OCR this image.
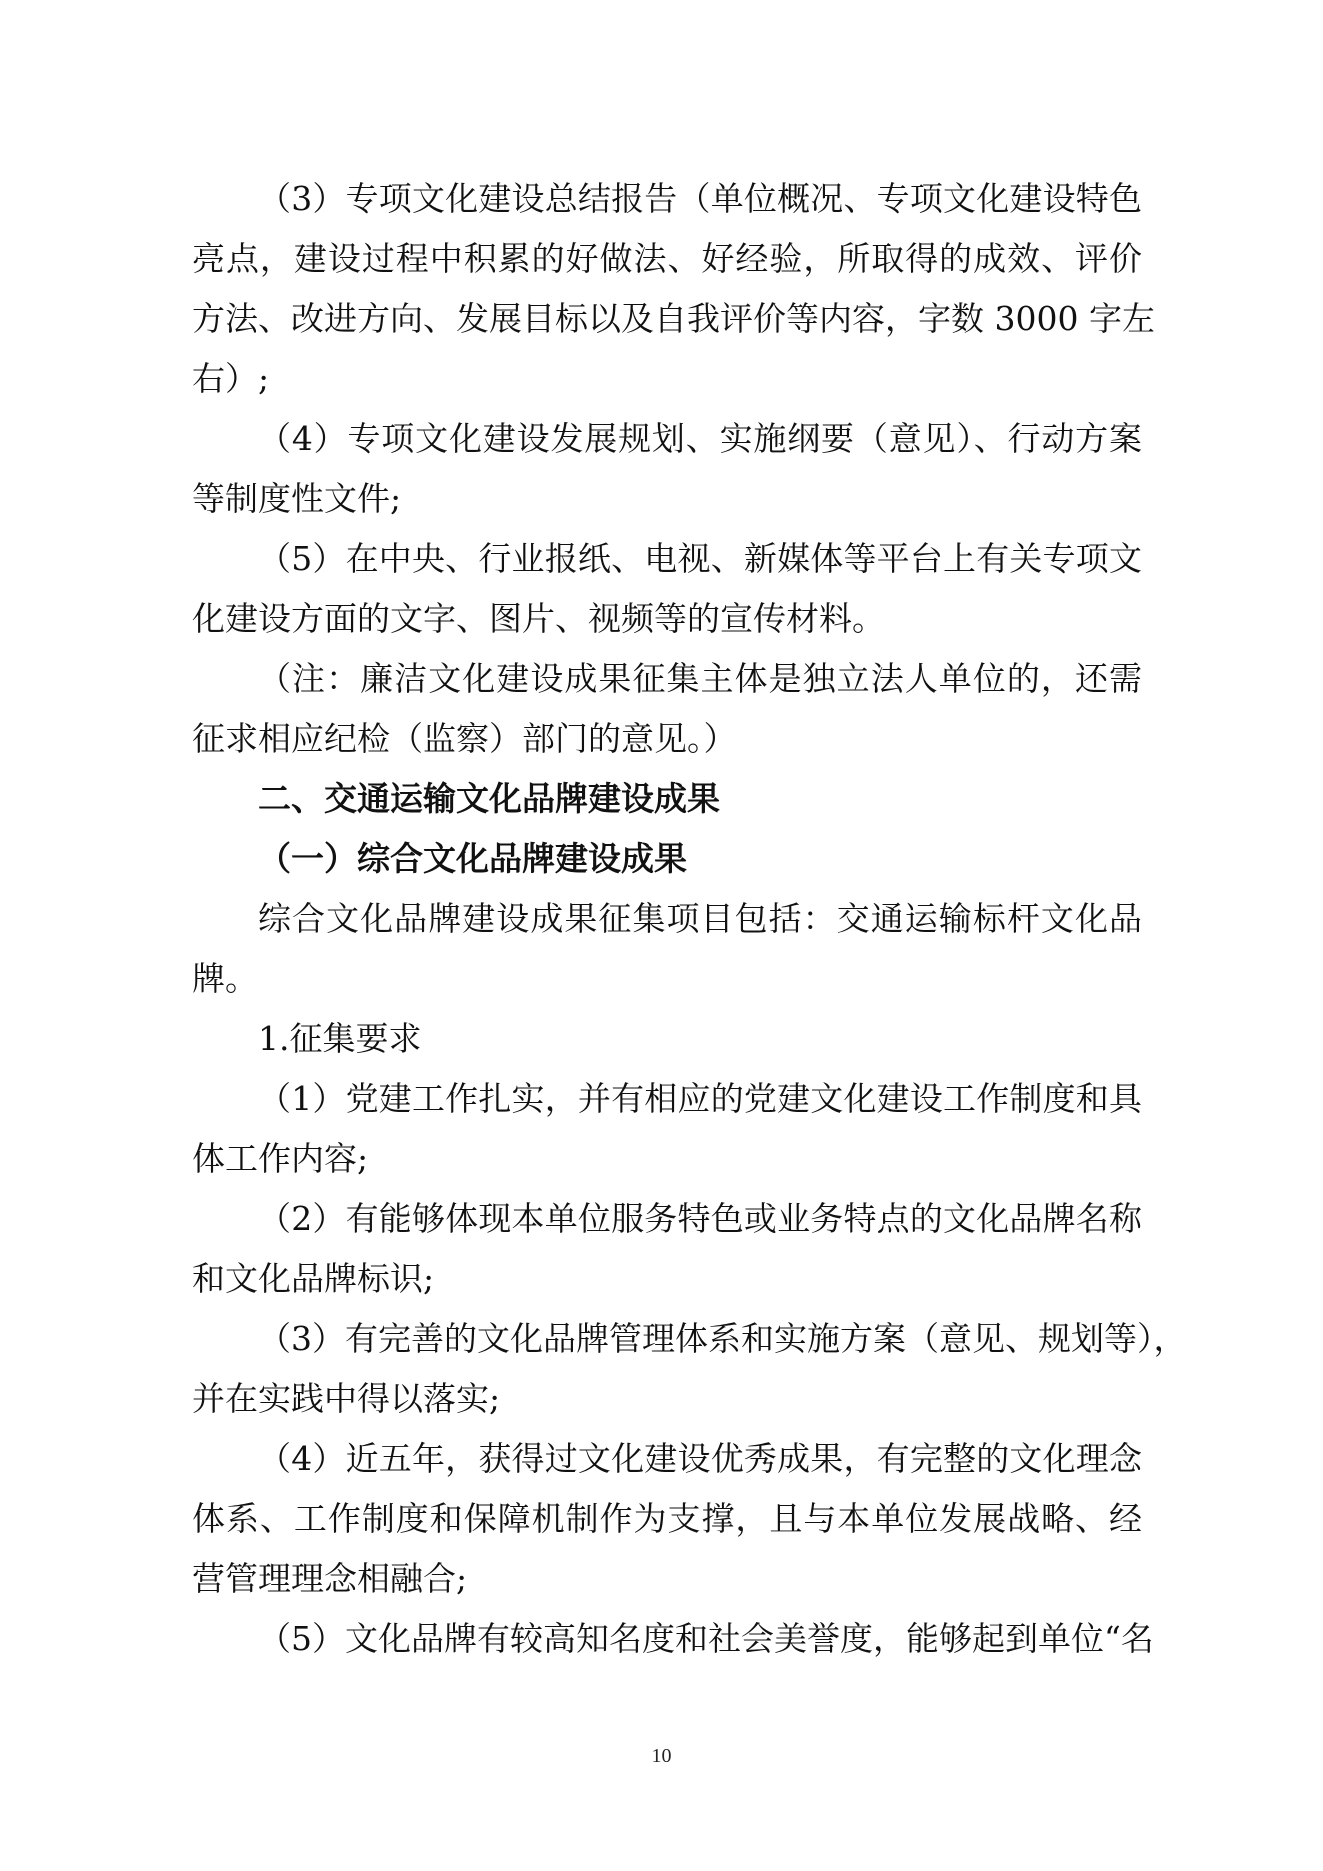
（3）专项文化建设总结报告（单位概况、专项文化建设特色
亮点，建设过程中积累的好做法、好经验，所取得的成效、评价
方法、改进方向、发展目标以及自我评价等内容，字数 3000 字左
右）;
（4）专项文化建设发展规划、实施纲要（意见）、行动方案
等制度性文件;
（5）在中央、行业报纸、电视、新媒体等平台上有关专项文
化建设方面的文字、图片、视频等的宣传材料。
（注：廉洁文化建设成果征集主体是独立法人单位的，还需
征求相应纪检（监察）部门的意见。）
二、交通运输文化品牌建设成果
（一）综合文化品牌建设成果
综合文化品牌建设成果征集项目包括：交通运输标杆文化品
牌。
1.征集要求
（1）党建工作扎实，并有相应的党建文化建设工作制度和具
体工作内容;
（2）有能够体现本单位服务特色或业务特点的文化品牌名称
和文化品牌标识;
（3）有完善的文化品牌管理体系和实施方案（意见、规划等），
并在实践中得以落实;
（4）近五年，获得过文化建设优秀成果，有完整的文化理念
体系、工作制度和保障机制作为支撑，且与本单位发展战略、经
营管理理念相融合;
（5）文化品牌有较高知名度和社会美誉度，能够起到单位“名
10
